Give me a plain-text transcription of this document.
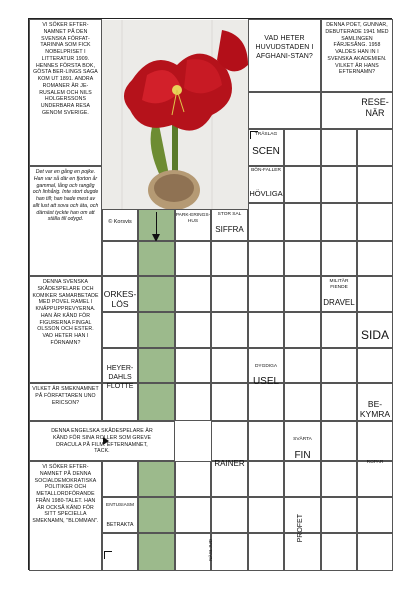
VI SÖKER EFTER-NAMNET PÅ DEN SVENSKA FÖRFAT-TARINNA SOM FICK NOBELPRISET I LITTERATUR 1909. HENNES FÖRSTA BOK, GÖSTA BER-LINGS SAGA KOM UT 1891. ANDRA ROMANER ÄR JE-RUSALEM OCH NILS HOLGERSSONS UNDERBARA RESA GENOM SVERIGE.
Det var en gång en pojke. Han var så där en fjorton år gammal, lång och ranglig och linhårig. Inte stort dugde han till; han hade mest av allt lust att sova och äta, och därnäst tyckte han om att ställa till odygd.
DENNA SVENSKA SKÅDESPELARE OCH KOMIKER SAMARBETADE MED POVEL RAMEL I KNÄPPUPPREVYERNA. HAN ÄR KÄND FÖR FIGURERNA FINGAL OLSSON OCH ESTER. VAD HETER HAN I FÖRNAMN?
VILKET ÄR SMEKNAMNET PÅ FÖRFATTAREN UNO ERICSON?
DENNA ENGELSKA SKÅDESPELARE ÄR KÄND FÖR SINA ROLLER SOM GREVE DRACULA PÅ FILM. EFTERNAMNET, TACK.
VI SÖKER EFTER-NAMNET PÅ DENNA SOCIALDEMOKRATISKA POLITIKER OCH METALLORDFÖRANDE FRÅN 1980-TALET. HAN ÄR OCKSÅ KÄND FÖR SITT SPECIELLA SMEKNAMN, "BLOMMAN".
VAD HETER HUVUDSTADEN I AFGHANI-STAN?
DENNA POET, GUNNAR, DEBUTERADE 1941 MED SAMLINGEN FÄRJESÅNG. 1958 VALDES HAN IN I SVENSKA AKADEMIEN. VILKET ÄR HANS EFTERNAMN?
RESE-NÄR
TRÄSLAG
SCEN
BÖN-FALLER
HÖVLIGA
© Korsvis
PARK-ERINGS-HUS
STOR SAL
SIFFRA
ORKES-LÖS
MILITÄR FIENDE
DRAVEL
SIDA
HEYER-DAHLS FLOTTE
DYGDIGA
USEL
BE-KYMRA
SVÄRTA
FIN
RAINER	ROPAR
ENTUSIASM
BETRAKTA	PROFET
NÄSLJUD
